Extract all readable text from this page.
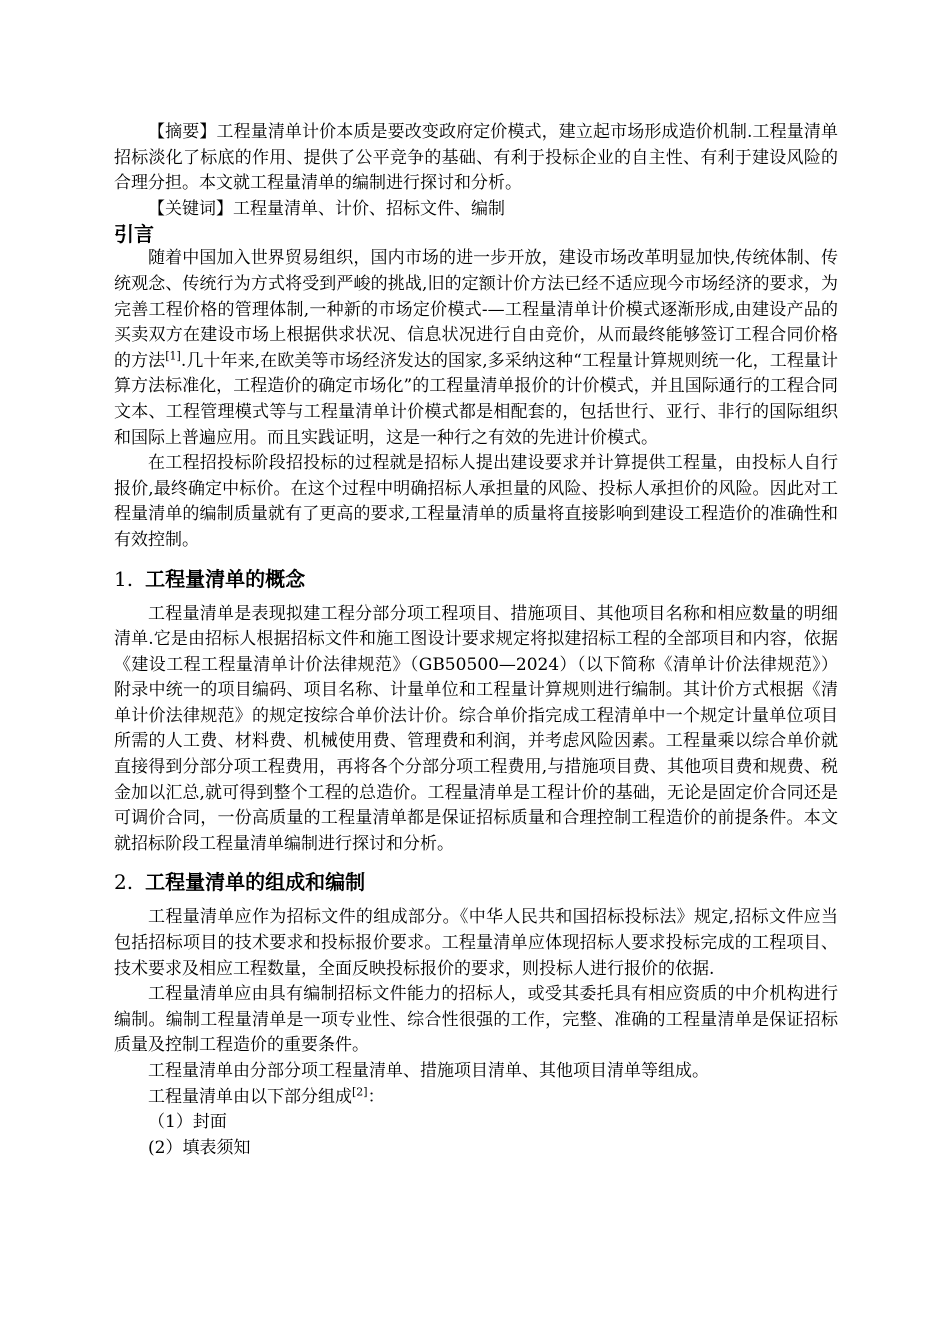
【摘要】工程量清单计价本质是要改变政府定价模式，建立起市场形成造价机制.工程量清单招标淡化了标底的作用、提供了公平竞争的基础、有利于投标企业的自主性、有利于建设风险的合理分担。本文就工程量清单的编制进行探讨和分析。

【关键词】工程量清单、计价、招标文件、编制

引言

随着中国加入世界贸易组织，国内市场的进一步开放，建设市场改革明显加快,传统体制、传统观念、传统行为方式将受到严峻的挑战,旧的定额计价方法已经不适应现今市场经济的要求，为完善工程价格的管理体制,一种新的市场定价模式-—工程量清单计价模式逐渐形成,由建设产品的买卖双方在建设市场上根据供求状况、信息状况进行自由竞价，从而最终能够签订工程合同价格的方法[1].几十年来,在欧美等市场经济发达的国家,多采纳这种“工程量计算规则统一化，工程量计算方法标准化，工程造价的确定市场化”的工程量清单报价的计价模式，并且国际通行的工程合同文本、工程管理模式等与工程量清单计价模式都是相配套的，包括世行、亚行、非行的国际组织和国际上普遍应用。而且实践证明，这是一种行之有效的先进计价模式。

在工程招投标阶段招投标的过程就是招标人提出建设要求并计算提供工程量，由投标人自行报价,最终确定中标价。在这个过程中明确招标人承担量的风险、投标人承担价的风险。因此对工程量清单的编制质量就有了更高的要求,工程量清单的质量将直接影响到建设工程造价的准确性和有效控制。

1. 工程量清单的概念

工程量清单是表现拟建工程分部分项工程项目、措施项目、其他项目名称和相应数量的明细清单.它是由招标人根据招标文件和施工图设计要求规定将拟建招标工程的全部项目和内容，依据《建设工程工程量清单计价法律规范》（GB50500—2024）（以下简称《清单计价法律规范》）附录中统一的项目编码、项目名称、计量单位和工程量计算规则进行编制。其计价方式根据《清单计价法律规范》的规定按综合单价法计价。综合单价指完成工程清单中一个规定计量单位项目所需的人工费、材料费、机械使用费、管理费和利润，并考虑风险因素。工程量乘以综合单价就直接得到分部分项工程费用，再将各个分部分项工程费用,与措施项目费、其他项目费和规费、税金加以汇总,就可得到整个工程的总造价。工程量清单是工程计价的基础，无论是固定价合同还是可调价合同，一份高质量的工程量清单都是保证招标质量和合理控制工程造价的前提条件。本文就招标阶段工程量清单编制进行探讨和分析。

2. 工程量清单的组成和编制

工程量清单应作为招标文件的组成部分。《中华人民共和国招标投标法》规定,招标文件应当包括招标项目的技术要求和投标报价要求。工程量清单应体现招标人要求投标完成的工程项目、技术要求及相应工程数量，全面反映投标报价的要求，则投标人进行报价的依据.

工程量清单应由具有编制招标文件能力的招标人，或受其委托具有相应资质的中介机构进行编制。编制工程量清单是一项专业性、综合性很强的工作，完整、准确的工程量清单是保证招标质量及控制工程造价的重要条件。

工程量清单由分部分项工程量清单、措施项目清单、其他项目清单等组成。

工程量清单由以下部分组成[2]：

（1）封面
(2）填表须知
